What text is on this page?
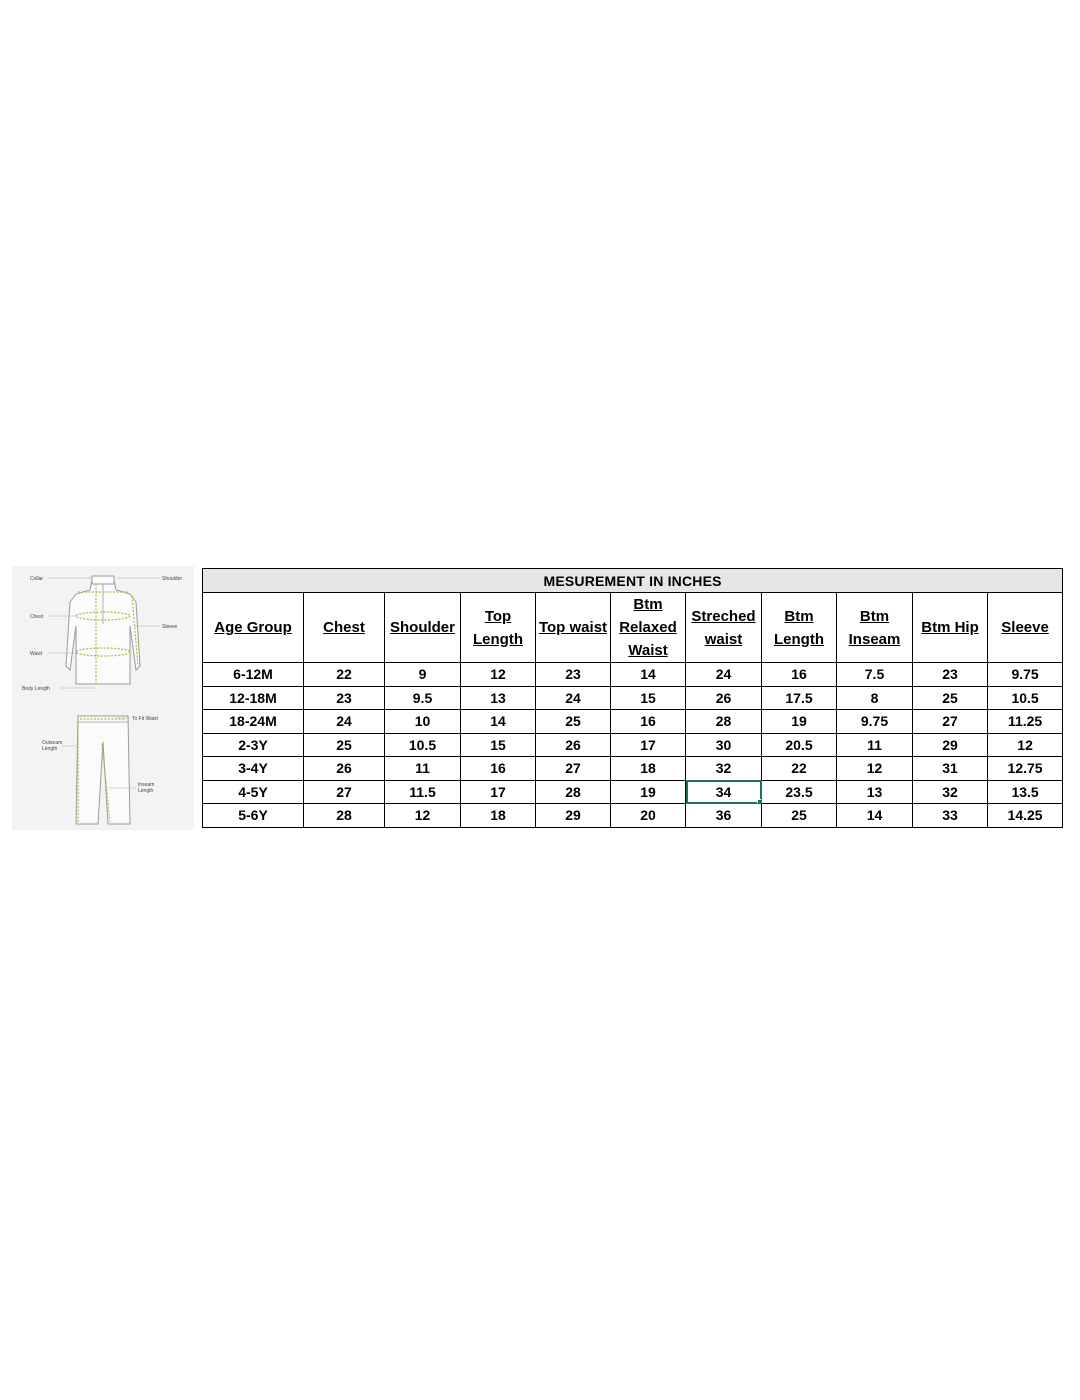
Collar	Shoulder
Chest
Sleeve
Waist
Body Length
To Fit Waist
Outseam Length
Inseam Length
MESUREMENT IN INCHES										
Age Group	Chest	Shoulder	Top Length	Top waist	Btm Relaxed Waist	Streched waist	Btm Length	Btm Inseam	Btm Hip	Sleeve
6-12M	22	9	12	23	14	24	16	7.5	23	9.75
12-18M	23	9.5	13	24	15	26	17.5	8	25	10.5
18-24M	24	10	14	25	16	28	19	9.75	27	11.25
2-3Y	25	10.5	15	26	17	30	20.5	11	29	12
3-4Y	26	11	16	27	18	32	22	12	31	12.75
4-5Y	27	11.5	17	28	19	34	23.5	13	32	13.5
5-6Y	28	12	18	29	20	36	25	14	33	14.25
